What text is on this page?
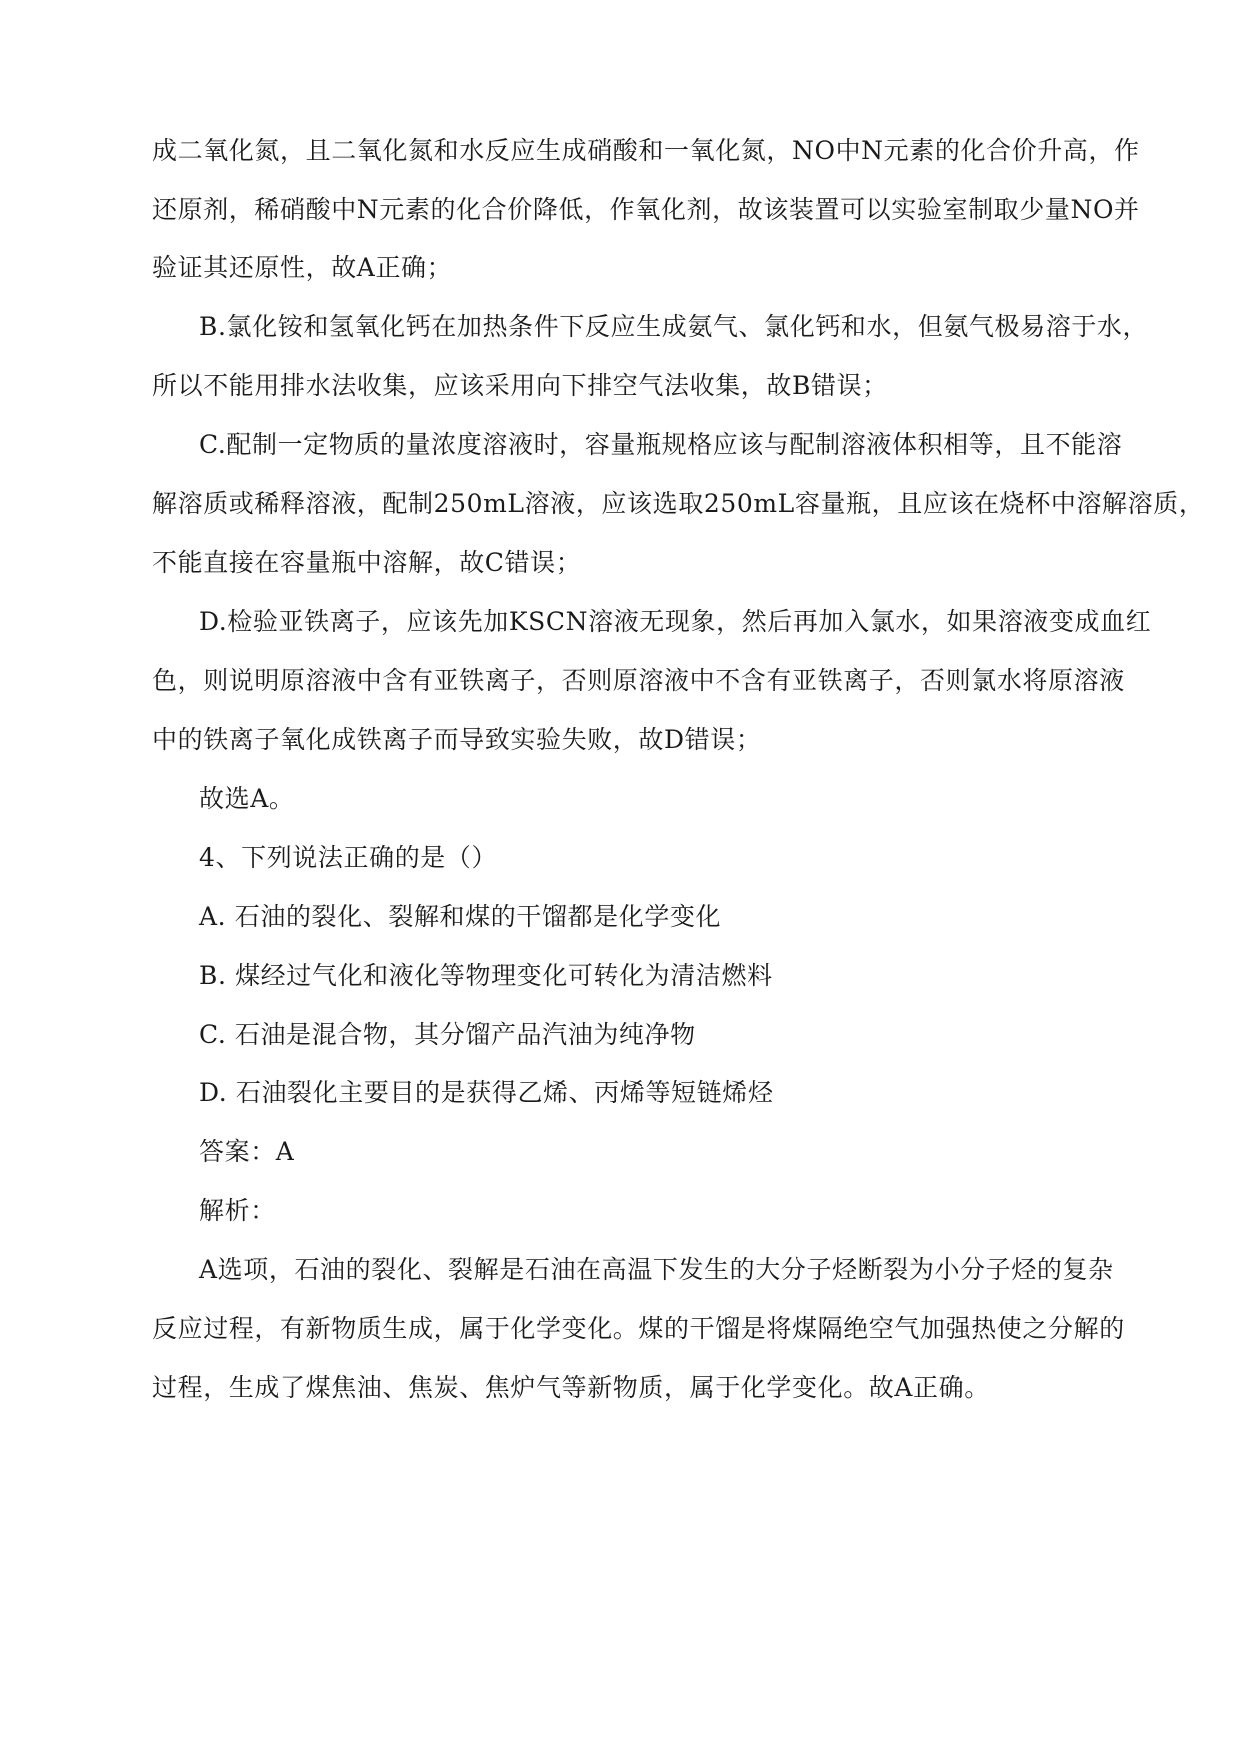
成二氧化氮，且二氧化氮和水反应生成硝酸和一氧化氮，NO中N元素的化合价升高，作
还原剂，稀硝酸中N元素的化合价降低，作氧化剂，故该装置可以实验室制取少量NO并
验证其还原性，故A正确；
B.氯化铵和氢氧化钙在加热条件下反应生成氨气、氯化钙和水，但氨气极易溶于水，
所以不能用排水法收集，应该采用向下排空气法收集，故B错误；
C.配制一定物质的量浓度溶液时，容量瓶规格应该与配制溶液体积相等，且不能溶
解溶质或稀释溶液，配制250mL溶液，应该选取250mL容量瓶，且应该在烧杯中溶解溶质，
不能直接在容量瓶中溶解，故C错误；
D.检验亚铁离子，应该先加KSCN溶液无现象，然后再加入氯水，如果溶液变成血红
色，则说明原溶液中含有亚铁离子，否则原溶液中不含有亚铁离子，否则氯水将原溶液
中的铁离子氧化成铁离子而导致实验失败，故D错误；
故选A。
4、下列说法正确的是（）
A. 石油的裂化、裂解和煤的干馏都是化学变化
B. 煤经过气化和液化等物理变化可转化为清洁燃料
C. 石油是混合物，其分馏产品汽油为纯净物
D. 石油裂化主要目的是获得乙烯、丙烯等短链烯烃
答案：A
解析：
A选项，石油的裂化、裂解是石油在高温下发生的大分子烃断裂为小分子烃的复杂
反应过程，有新物质生成，属于化学变化。煤的干馏是将煤隔绝空气加强热使之分解的
过程，生成了煤焦油、焦炭、焦炉气等新物质，属于化学变化。故A正确。
